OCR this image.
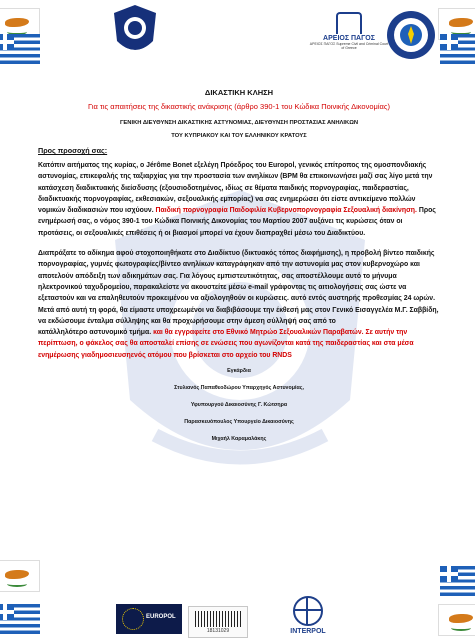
ΑΡΕΙΟΣ ΠΑΓΟΣ
ΑΡΕΙΟΣ ΠΑΓΟΣ Supreme Civil and Criminal Court of Greece
ΔΙΚΑΣΤΙΚΗ ΚΛΗΣΗ
Για τις απαιτήσεις της δικαστικής ανάκρισης (άρθρο 390-1 του Κώδικα Ποινικής Δικονομίας)
ΓΕΝΙΚΗ ΔΙΕΥΘΥΝΣΗ ΔΙΚΑΣΤΙΚΗΣ ΑΣΤΥΝΟΜΙΑΣ, ΔΙΕΥΘΥΝΣΗ ΠΡΟΣΤΑΣΙΑΣ ΑΝΗΛΙΚΩΝ
ΤΟΥ ΚΥΠΡΙΑΚΟΥ ΚΑΙ ΤΟΥ ΕΛΛΗΝΙΚΟΥ ΚΡΑΤΟΥΣ
Προς προσοχή σας:
Κατόπιν αιτήματος της κυρίας, ο Jérôme Bonet εξελέγη Πρόεδρος του Europol, γενικός επίτροπος της ομοσπονδιακής αστυνομίας, επικεφαλής της ταξιαρχίας για την προστασία των ανηλίκων (BPM θα επικοινωνήσει μαζί σας λίγο μετά την κατάσχεση διαδικτυακής διείσδυσης (εξουσιοδοτημένος, ιδίως σε θέματα παιδικής πορνογραφίας, παιδεραστίας, διαδικτυακής πορνογραφίας, εκθεσιακών, σεξουαλικής εμπορίας) να σας ενημερώσει ότι είστε αντικείμενο πολλών νομικών διαδικασιών που ισχύουν. Παιδική πορνογραφία Παιδοφιλία Κυβερνοπορνογραφία Σεξουαλική διακίνηση. Προς ενημέρωσή σας, ο νόμος 390-1 του Κώδικα Ποινικής Δικονομίας του Μαρτίου 2007 αυξάνει τις κυρώσεις όταν οι προτάσεις, οι σεξουαλικές επιθέσεις ή οι βιασμοί μπορεί να έχουν διαπραχθεί μέσω του Διαδικτύου.
Διαπράξατε το αδίκημα αφού στοχοποιηθήκατε στο Διαδίκτυο (δικτυακός τόπος διαφήμισης), η προβολή βίντεο παιδικής πορνογραφίας, γυμνές φωτογραφίες/βίντεο ανηλίκων καταγράφηκαν από την αστυνομία μας στον κυβερνοχώρο και αποτελούν απόδειξη των αδικημάτων σας. Για λόγους εμπιστευτικότητας, σας αποστέλλουμε αυτό το μήνυμα ηλεκτρονικού ταχυδρομείου, παρακαλείστε να ακουστείτε μέσω e-mail γράφοντας τις αιτιολογήσεις σας ώστε να εξεταστούν και να επαληθευτούν προκειμένου να αξιολογηθούν οι κυρώσεις. αυτό εντός αυστηρής προθεσμίας 24 ωρών. Μετά από αυτή τη φορά, θα είμαστε υποχρεωμένοι να διαβιβάσουμε την έκθεσή μας στον Γενικό Εισαγγελέα Μ.Γ. Σαββίδη, να εκδώσουμε ένταλμα σύλληψης και θα προχωρήσουμε στην άμεση σύλληψή σας από το
κατάλληλότερο αστυνομικό τμήμα. και θα εγγραφείτε στο Εθνικό Μητρώο Σεξουαλικών Παραβατών. Σε αυτήν την περίπτωση, ο φάκελος σας θα αποσταλεί επίσης σε ενώσεις που αγωνίζονται κατά της παιδεραστίας και στα μέσα ενημέρωσης γιαδημοσιευσηενός ατόμου που βρίσκεται στο αρχείο του RNDS
Εγκάρδια
Στυλιανός Παπαθεοδώρου Υπαρχηγός Αστυνομίας,
Υφυπουργού Δικαιοσύνης Γ. Κώτσηρα
Παρασκευόπουλος Υπουργείο Δικαιοσύνης
Μιχαήλ Καραμαλάκης
EUROPOL
18131029	INTERPOL
